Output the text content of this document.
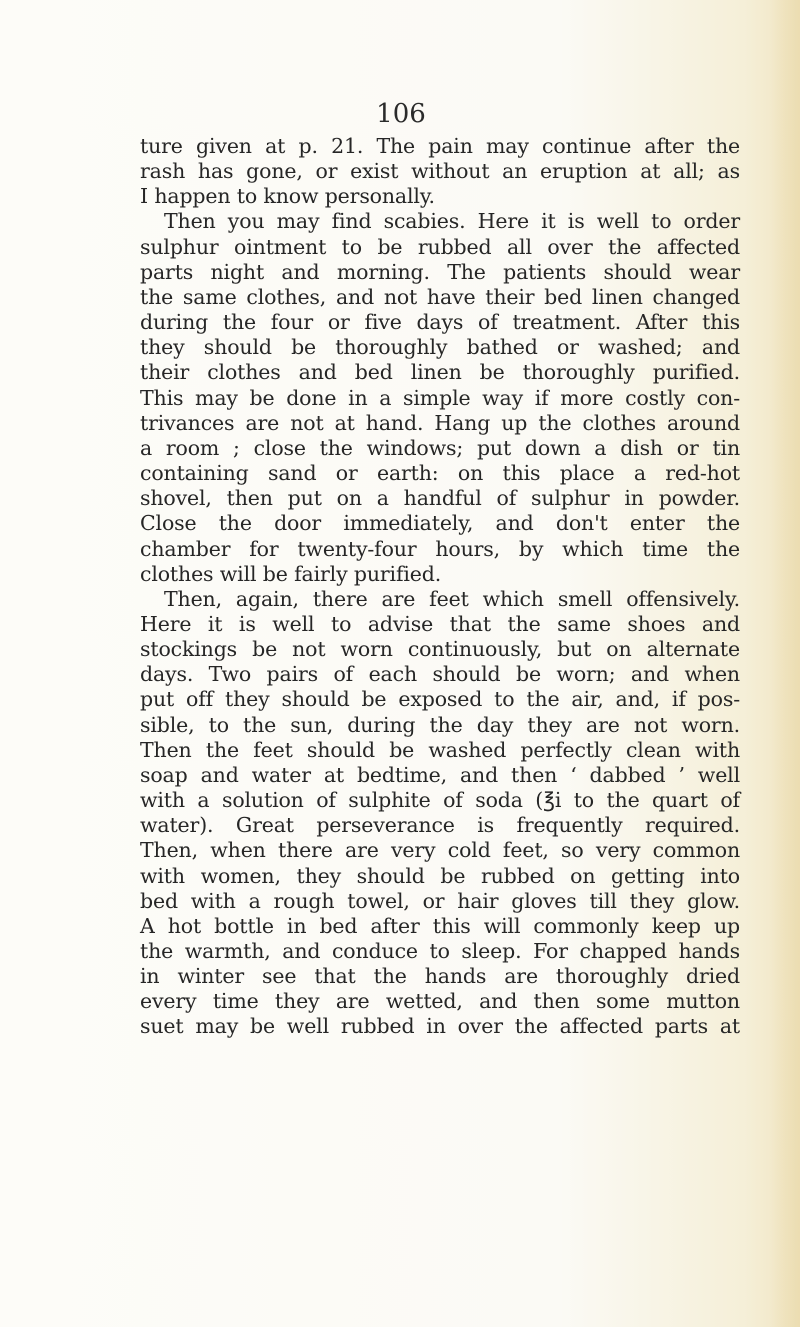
106
ture given at p. 21. The pain may continue after the
rash has gone, or exist without an eruption at all; as
I happen to know personally.
Then you may find scabies. Here it is well to order
sulphur ointment to be rubbed all over the affected
parts night and morning. The patients should wear
the same clothes, and not have their bed linen changed
during the four or five days of treatment. After this
they should be thoroughly bathed or washed; and
their clothes and bed linen be thoroughly purified.
This may be done in a simple way if more costly con-
trivances are not at hand. Hang up the clothes around
a room ; close the windows; put down a dish or tin
containing sand or earth: on this place a red-hot
shovel, then put on a handful of sulphur in powder.
Close the door immediately, and don't enter the
chamber for twenty-four hours, by which time the
clothes will be fairly purified.
Then, again, there are feet which smell offensively.
Here it is well to advise that the same shoes and
stockings be not worn continuously, but on alternate
days. Two pairs of each should be worn; and when
put off they should be exposed to the air, and, if pos-
sible, to the sun, during the day they are not worn.
Then the feet should be washed perfectly clean with
soap and water at bedtime, and then ‘ dabbed ’ well
with a solution of sulphite of soda (℥i to the quart of
water). Great perseverance is frequently required.
Then, when there are very cold feet, so very common
with women, they should be rubbed on getting into
bed with a rough towel, or hair gloves till they glow.
A hot bottle in bed after this will commonly keep up
the warmth, and conduce to sleep. For chapped hands
in winter see that the hands are thoroughly dried
every time they are wetted, and then some mutton
suet may be well rubbed in over the affected parts at
